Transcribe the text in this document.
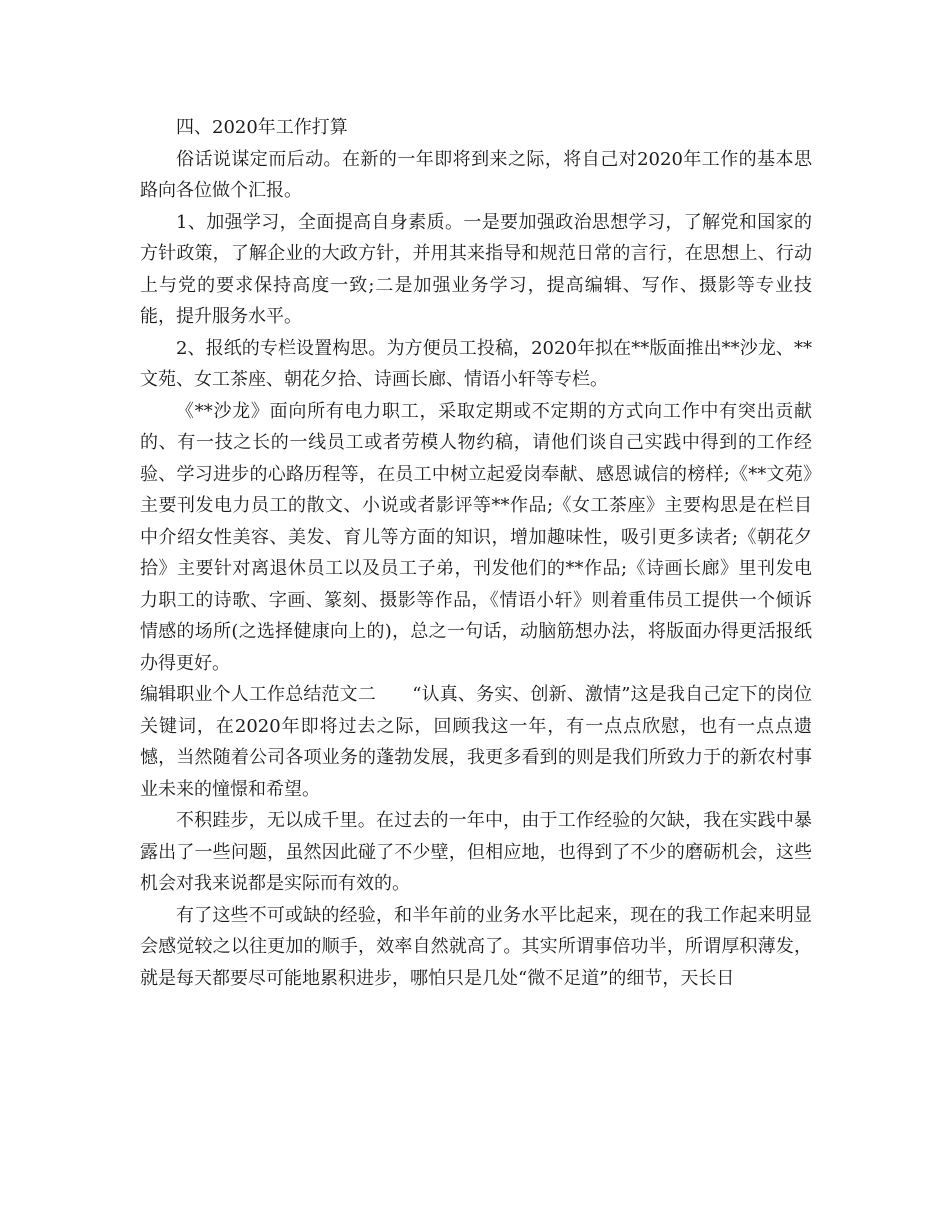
四、2020年工作打算

俗话说谋定而后动。在新的一年即将到来之际，将自己对2020年工作的基本思路向各位做个汇报。

1、加强学习，全面提高自身素质。一是要加强政治思想学习，了解党和国家的方针政策，了解企业的大政方针，并用其来指导和规范日常的言行，在思想上、行动上与党的要求保持高度一致;二是加强业务学习，提高编辑、写作、摄影等专业技能，提升服务水平。

2、报纸的专栏设置构思。为方便员工投稿，2020年拟在**版面推出**沙龙、**文苑、女工茶座、朝花夕拾、诗画长廊、情语小轩等专栏。

《**沙龙》面向所有电力职工，采取定期或不定期的方式向工作中有突出贡献的、有一技之长的一线员工或者劳模人物约稿，请他们谈自己实践中得到的工作经验、学习进步的心路历程等，在员工中树立起爱岗奉献、感恩诚信的榜样;《**文苑》主要刊发电力员工的散文、小说或者影评等**作品;《女工茶座》主要构思是在栏目中介绍女性美容、美发、育儿等方面的知识，增加趣味性，吸引更多读者;《朝花夕拾》主要针对离退休员工以及员工子弟，刊发他们的**作品;《诗画长廊》里刊发电力职工的诗歌、字画、篆刻、摄影等作品，《情语小轩》则着重伟员工提供一个倾诉情感的场所(之选择健康向上的)，总之一句话，动脑筋想办法，将版面办得更活报纸办得更好。

编辑职业个人工作总结范文二　　“认真、务实、创新、激情”这是我自己定下的岗位关键词，在2020年即将过去之际，回顾我这一年，有一点点欣慰，也有一点点遗憾，当然随着公司各项业务的蓬勃发展，我更多看到的则是我们所致力于的新农村事业未来的憧憬和希望。

不积跬步，无以成千里。在过去的一年中，由于工作经验的欠缺，我在实践中暴露出了一些问题，虽然因此碰了不少壁，但相应地，也得到了不少的磨砺机会，这些机会对我来说都是实际而有效的。

有了这些不可或缺的经验，和半年前的业务水平比起来，现在的我工作起来明显会感觉较之以往更加的顺手，效率自然就高了。其实所谓事倍功半，所谓厚积薄发，就是每天都要尽可能地累积进步，哪怕只是几处“微不足道”的细节，天长日
